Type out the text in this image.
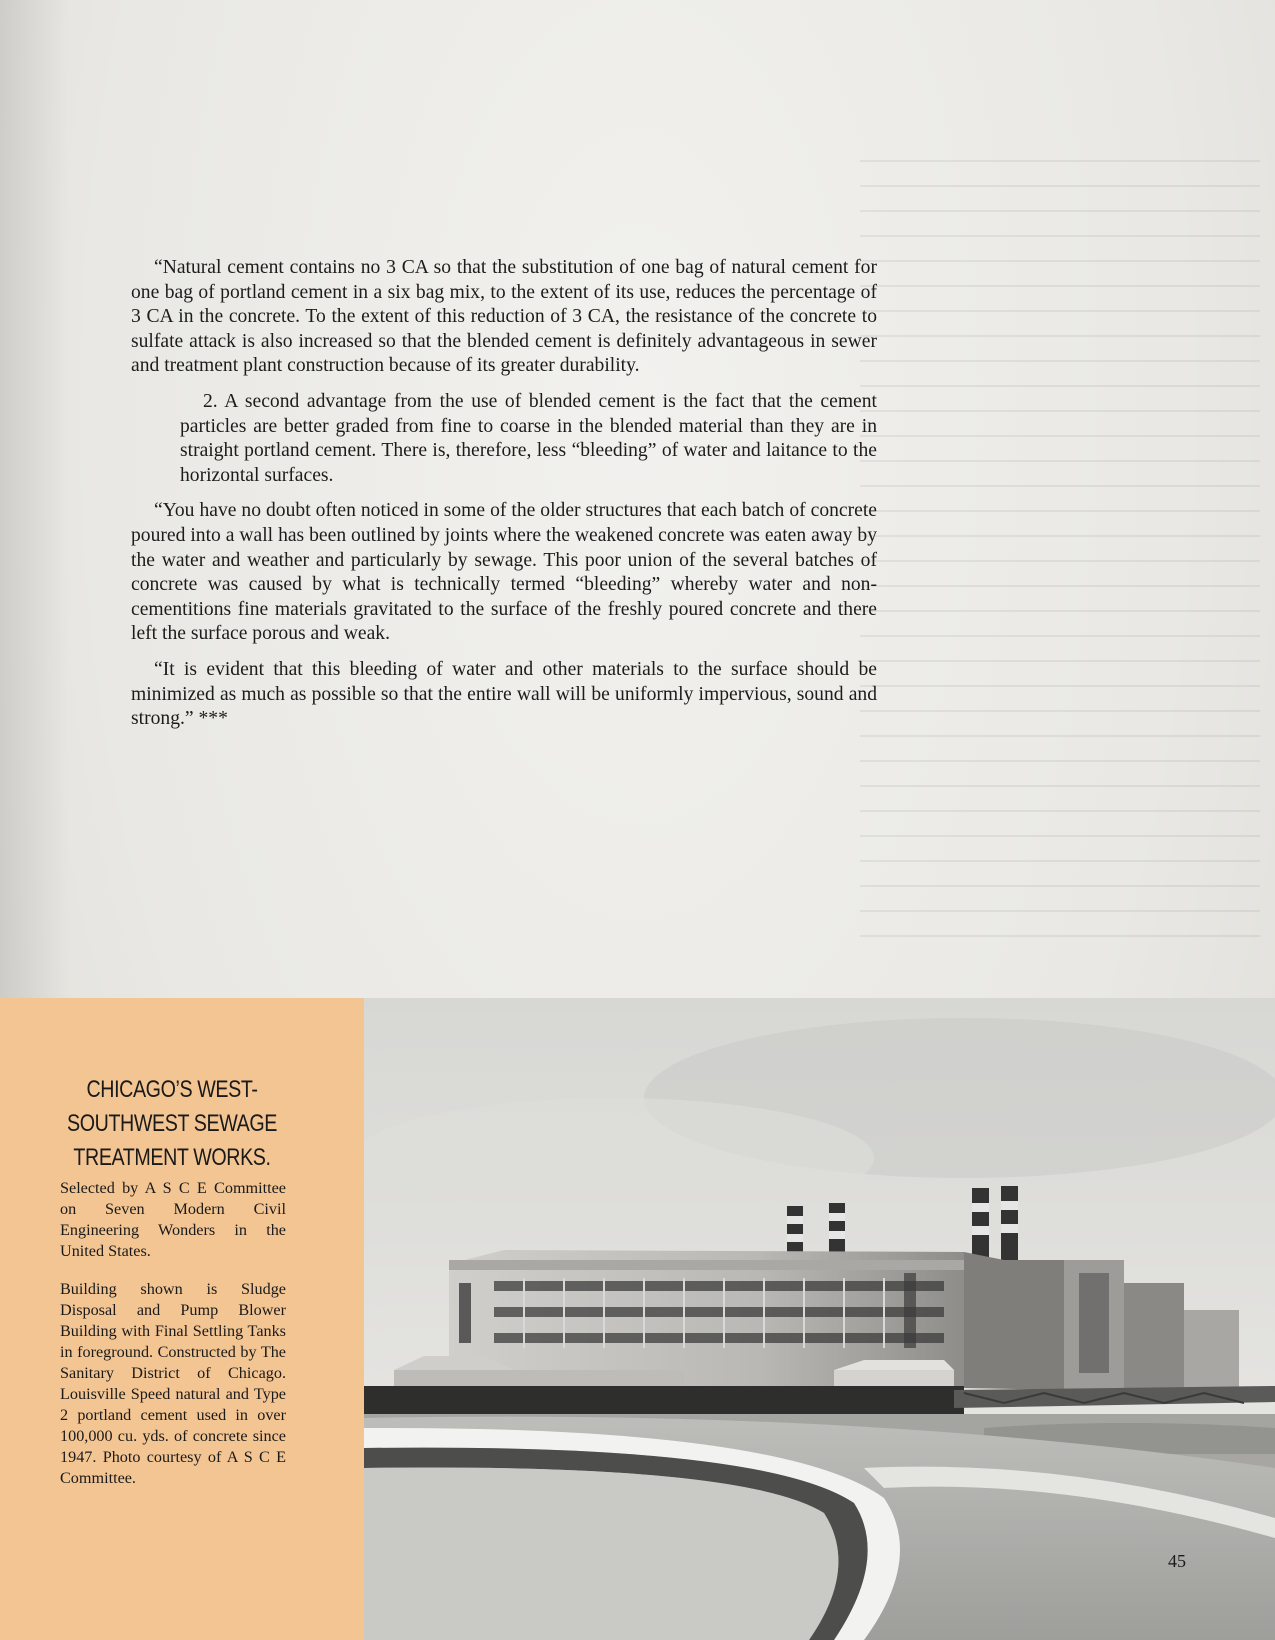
“Natural cement contains no 3 CA so that the substitution of one bag of natural cement for one bag of portland cement in a six bag mix, to the extent of its use, reduces the percentage of 3 CA in the concrete. To the extent of this reduction of 3 CA, the resistance of the concrete to sulfate attack is also increased so that the blended cement is definitely advantageous in sewer and treatment plant construction because of its greater durability.

2. A second advantage from the use of blended cement is the fact that the cement particles are better graded from fine to coarse in the blended material than they are in straight portland cement. There is, therefore, less “bleeding” of water and laitance to the horizontal surfaces.

“You have no doubt often noticed in some of the older structures that each batch of concrete poured into a wall has been outlined by joints where the weakened concrete was eaten away by the water and weather and particularly by sewage. This poor union of the several batches of concrete was caused by what is technically termed “bleeding” whereby water and non-cementitions fine materials gravitated to the surface of the freshly poured concrete and there left the surface porous and weak.

“It is evident that this bleeding of water and other materials to the surface should be minimized as much as possible so that the entire wall will be uniformly impervious, sound and strong.” ***

CHICAGO’S WEST-
SOUTHWEST SEWAGE
TREATMENT WORKS.

Selected by A S C E Committee on Seven Modern Civil Engineering Wonders in the United States.

Building shown is Sludge Disposal and Pump Blower Building with Final Settling Tanks in foreground. Constructed by The Sanitary District of Chicago. Louisville Speed natural and Type 2 portland cement used in over 100,000 cu. yds. of concrete since 1947. Photo courtesy of A S C E Committee.

45
